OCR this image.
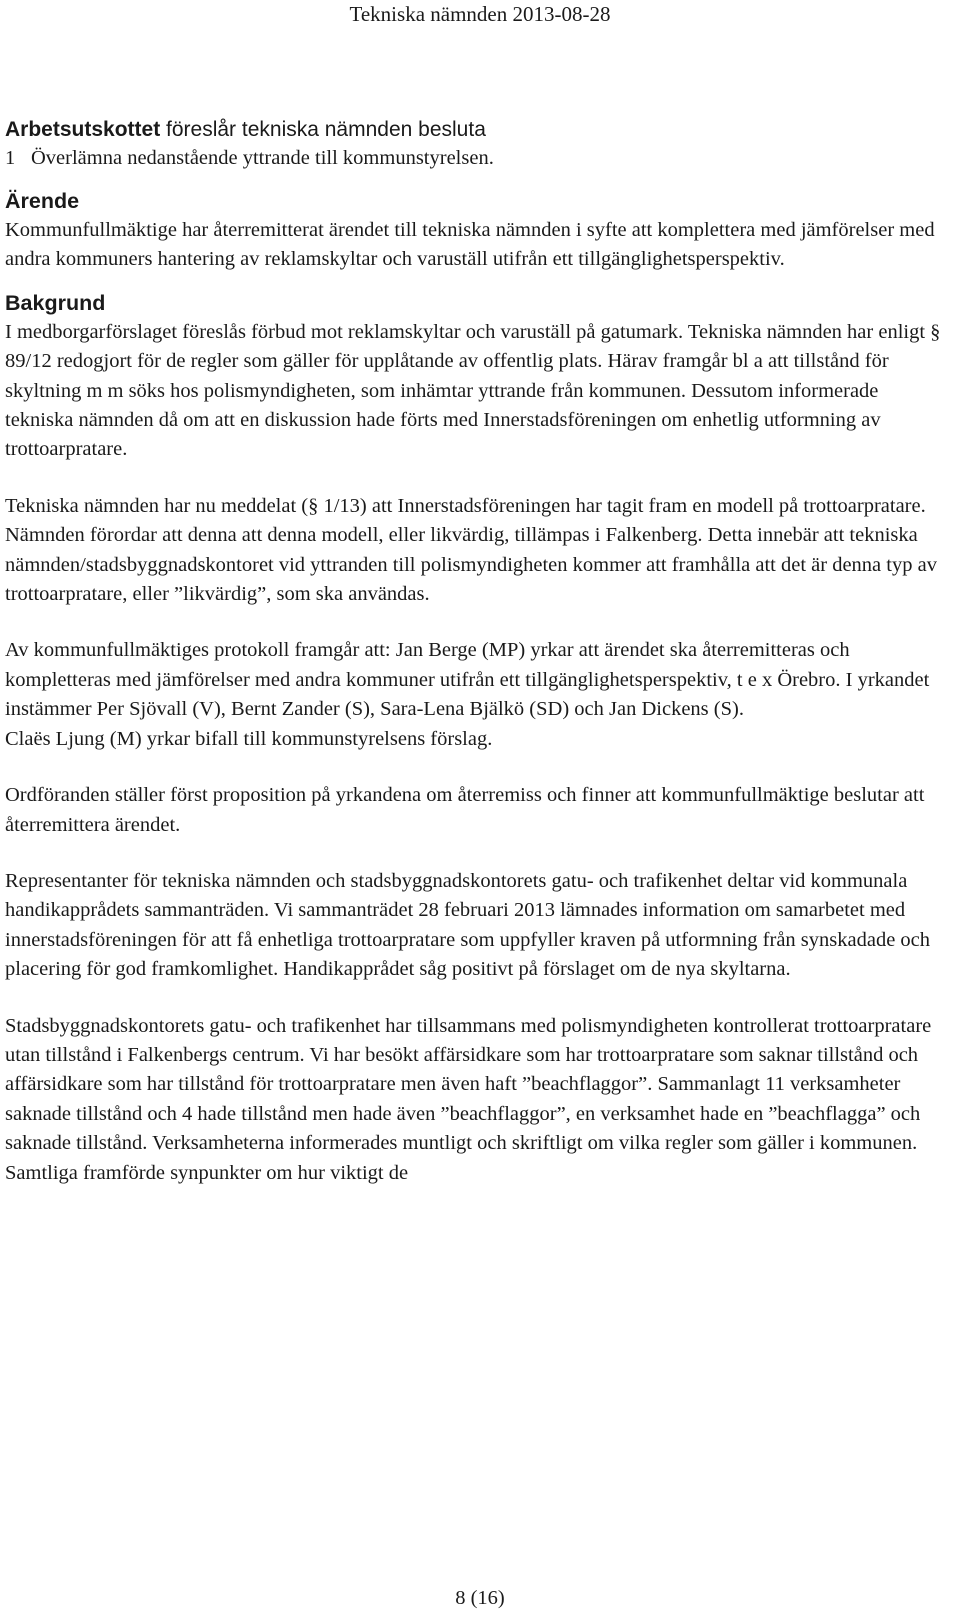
Tekniska nämnden 2013-08-28
Arbetsutskottet föreslår tekniska nämnden besluta
1 Överlämna nedanstående yttrande till kommunstyrelsen.
Ärende

Kommunfullmäktige har återremitterat ärendet till tekniska nämnden i syfte att komplettera med jämförelser med andra kommuners hantering av reklamskyltar och varuställ utifrån ett tillgänglighetsperspektiv.

Bakgrund

I medborgarförslaget föreslås förbud mot reklamskyltar och varuställ på gatumark. Tekniska nämnden har enligt § 89/12 redogjort för de regler som gäller för upplåtande av offentlig plats. Härav framgår bl a att tillstånd för skyltning m m söks hos polismyndigheten, som inhämtar yttrande från kommunen. Dessutom informerade tekniska nämnden då om att en diskussion hade förts med Innerstadsföreningen om enhetlig utformning av trottoarpratare.

Tekniska nämnden har nu meddelat (§ 1/13) att Innerstadsföreningen har tagit fram en modell på trottoarpratare. Nämnden förordar att denna att denna modell, eller likvärdig, tillämpas i Falkenberg. Detta innebär att tekniska nämnden/stadsbyggnadskontoret vid yttranden till polismyndigheten kommer att framhålla att det är denna typ av trottoarpratare, eller ”likvärdig”, som ska användas.

Av kommunfullmäktiges protokoll framgår att: Jan Berge (MP) yrkar att ärendet ska återremitteras och kompletteras med jämförelser med andra kommuner utifrån ett tillgänglighetsperspektiv, t e x Örebro. I yrkandet instämmer Per Sjövall (V), Bernt Zander (S), Sara-Lena Bjälkö (SD) och Jan Dickens (S).

Claës Ljung (M) yrkar bifall till kommunstyrelsens förslag.

Ordföranden ställer först proposition på yrkandena om återremiss och finner att kommunfullmäktige beslutar att återremittera ärendet.

Representanter för tekniska nämnden och stadsbyggnadskontorets gatu- och trafikenhet deltar vid kommunala handikapprådets sammanträden. Vi sammanträdet 28 februari 2013 lämnades information om samarbetet med innerstadsföreningen för att få enhetliga trottoarpratare som uppfyller kraven på utformning från synskadade och placering för god framkomlighet. Handikapprådet såg positivt på förslaget om de nya skyltarna.

Stadsbyggnadskontorets gatu- och trafikenhet har tillsammans med polismyndigheten kontrollerat trottoarpratare utan tillstånd i Falkenbergs centrum. Vi har besökt affärsidkare som har trottoarpratare som saknar tillstånd och affärsidkare som har tillstånd för trottoarpratare men även haft ”beachflaggor”. Sammanlagt 11 verksamheter saknade tillstånd och 4 hade tillstånd men hade även ”beachflaggor”, en verksamhet hade en ”beachflagga” och saknade tillstånd. Verksamheterna informerades muntligt och skriftligt om vilka regler som gäller i kommunen. Samtliga framförde synpunkter om hur viktigt de

8 (16)
